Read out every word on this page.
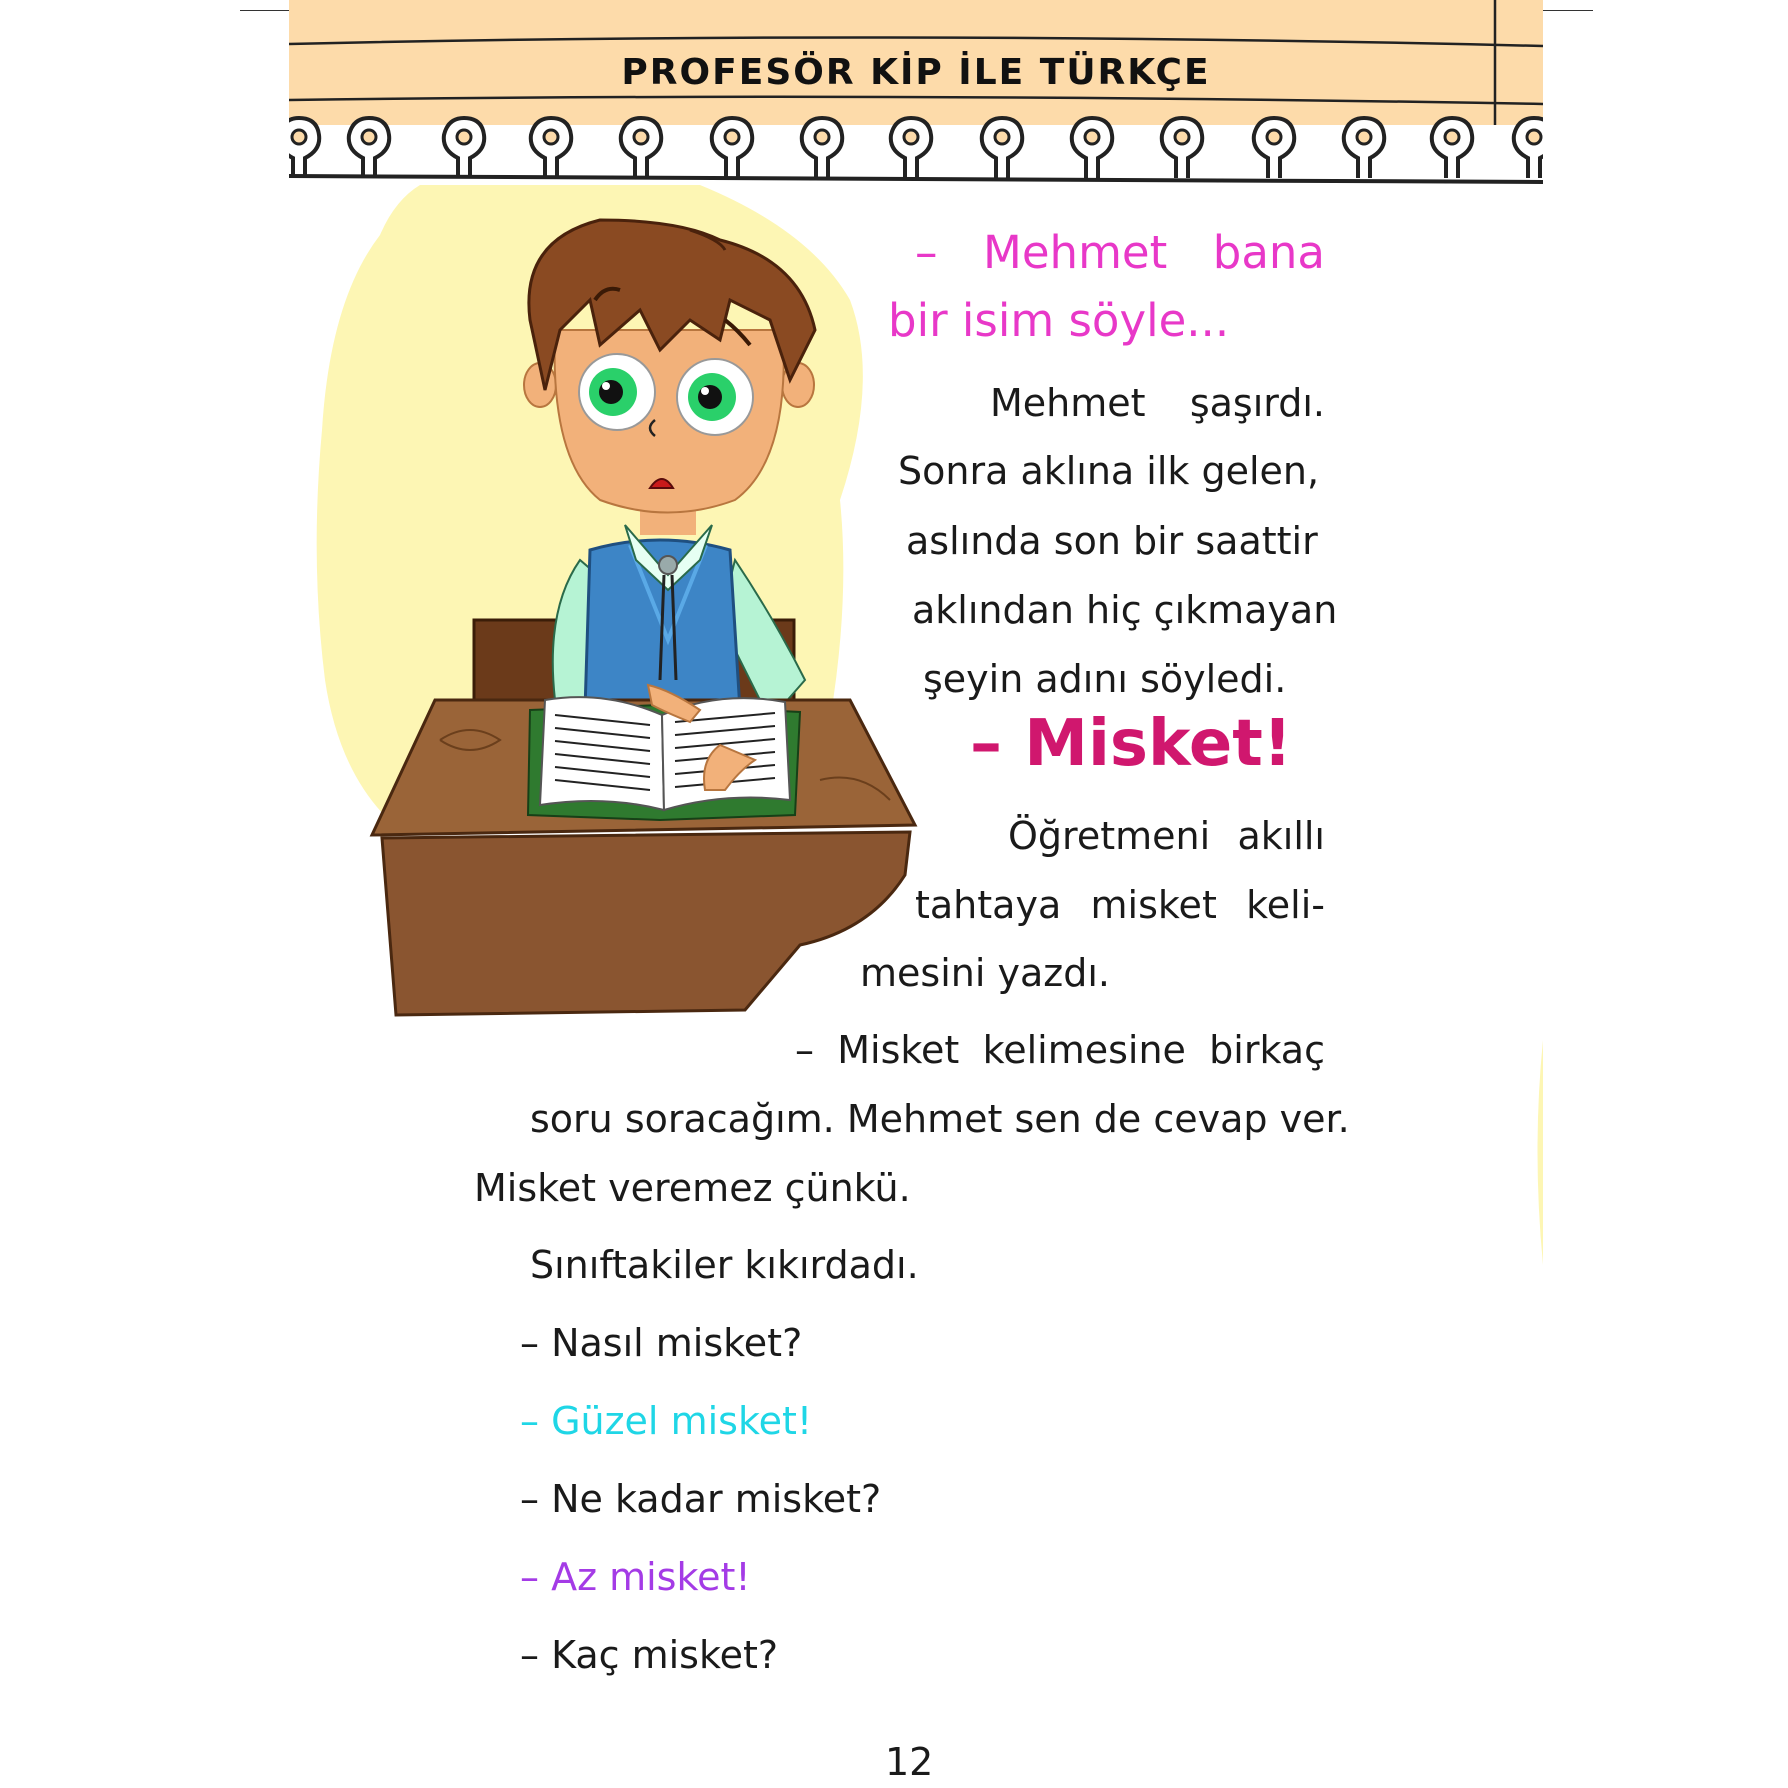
PROFESÖR KİP İLE TÜRKÇE
– Mehmet bana
bir isim söyle...
Mehmet şaşırdı.
Sonra aklına ilk gelen,
aslında son bir saattir
aklından hiç çıkmayan
şeyin adını söyledi.
– Misket!
Öğretmeni akıllı
tahtaya misket keli-
mesini yazdı.
– Misket kelimesine birkaç
soru soracağım. Mehmet sen de cevap ver.
Misket veremez çünkü.
Sınıftakiler kıkırdadı.
– Nasıl misket?
– Güzel misket!
– Ne kadar misket?
– Az misket!
– Kaç misket?
12
